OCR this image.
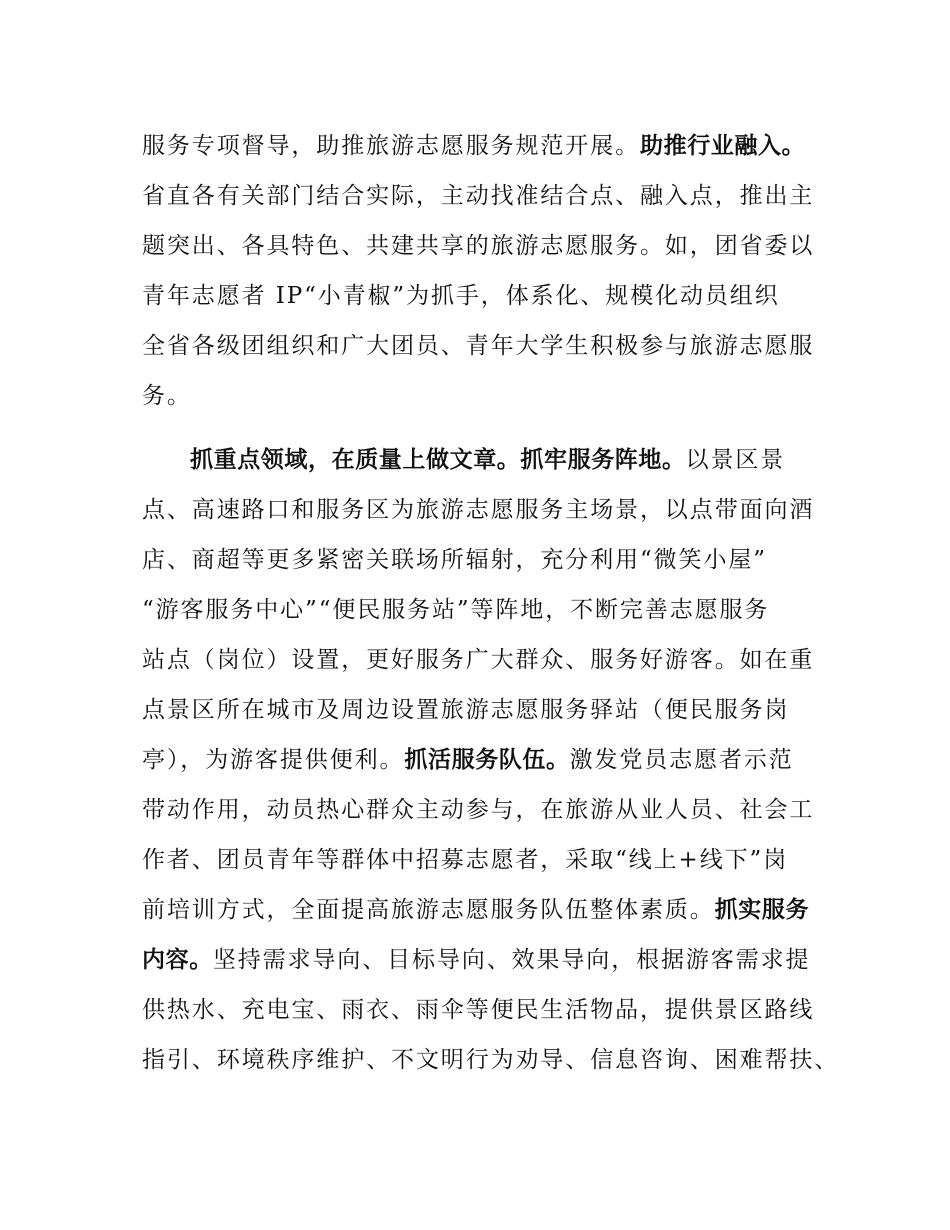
服务专项督导，助推旅游志愿服务规范开展。助推行业融入。
省直各有关部门结合实际，主动找准结合点、融入点，推出主
题突出、各具特色、共建共享的旅游志愿服务。如，团省委以
青年志愿者 IP“小青椒”为抓手，体系化、规模化动员组织
全省各级团组织和广大团员、青年大学生积极参与旅游志愿服
务。
抓重点领域，在质量上做文章。抓牢服务阵地。以景区景
点、高速路口和服务区为旅游志愿服务主场景，以点带面向酒
店、商超等更多紧密关联场所辐射，充分利用“微笑小屋”
“游客服务中心”“便民服务站”等阵地，不断完善志愿服务
站点（岗位）设置，更好服务广大群众、服务好游客。如在重
点景区所在城市及周边设置旅游志愿服务驿站（便民服务岗
亭），为游客提供便利。抓活服务队伍。激发党员志愿者示范
带动作用，动员热心群众主动参与，在旅游从业人员、社会工
作者、团员青年等群体中招募志愿者，采取“线上+线下”岗
前培训方式，全面提高旅游志愿服务队伍整体素质。抓实服务
内容。坚持需求导向、目标导向、效果导向，根据游客需求提
供热水、充电宝、雨衣、雨伞等便民生活物品，提供景区路线
指引、环境秩序维护、不文明行为劝导、信息咨询、困难帮扶、
